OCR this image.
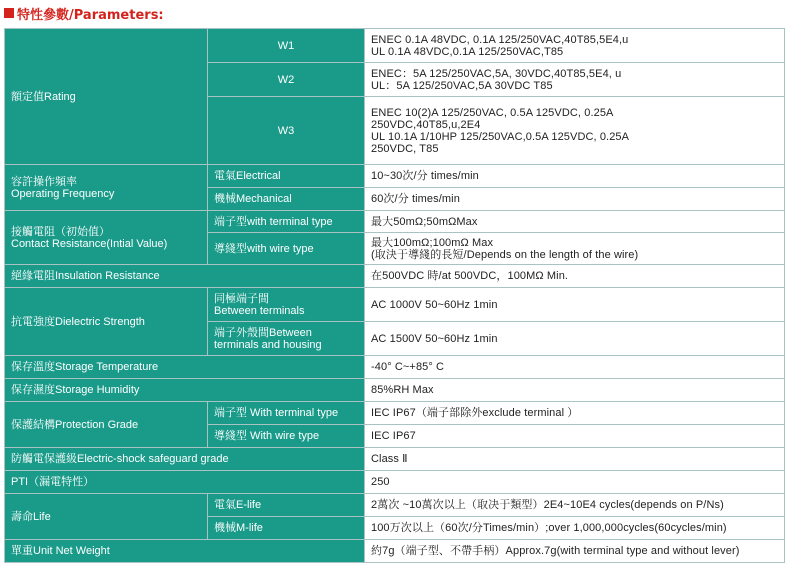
特性參數/Parameters:
額定值Rating	W1	ENEC 0.1A 48VDC, 0.1A 125/250VAC,40T85,5E4,u
UL 0.1A 48VDC,0.1A 125/250VAC,T85

	W2	ENEC：5A 125/250VAC,5A, 30VDC,40T85,5E4, u
UL：5A 125/250VAC,5A 30VDC T85

	W3	ENEC 10(2)A 125/250VAC, 0.5A 125VDC, 0.25A
250VDC,40T85,u,2E4
UL 10.1A 1/10HP 125/250VAC,0.5A 125VDC, 0.25A
250VDC, T85

容許操作頻率
Operating Frequency	電氣Electrical	10~30次/分 times/min
	機械Mechanical	60次/分 times/min

接觸電阻（初始值）
Contact Resistance(Intial Value)	端子型with terminal type	最大50mΩ;50mΩMax
	導綫型with wire type	最大100mΩ;100mΩ Max
(取決于導綫的長短/Depends on the length of the wire)

絕緣電阻Insulation Resistance		在500VDC 時/at 500VDC，100MΩ Min.
抗電強度Dielectric Strength	同極端子間
Between terminals	AC 1000V 50~60Hz 1min

	端子外殼間Between
terminals and housing	AC 1500V 50~60Hz 1min
保存溫度Storage Temperature		-40° C~+85° C
保存濕度Storage Humidity		85%RH Max
保護結構Protection Grade	端子型 With terminal type	IEC IP67（端子部除外exclude terminal ）
	導綫型 With wire type	IEC IP67
防觸電保護級Electric-shock safeguard grade		Class Ⅱ
PTI（漏電特性）		250
壽命Life	電氣E-life	2萬次 ~10萬次以上（取决于類型）2E4~10E4 cycles(depends on P/Ns)
	機械M-life	100万次以上（60次/分Times/min）;over 1,000,000cycles(60cycles/min)
單重Unit Net Weight		約7g（端子型、不帶手柄）Approx.7g(with terminal type and without lever)
